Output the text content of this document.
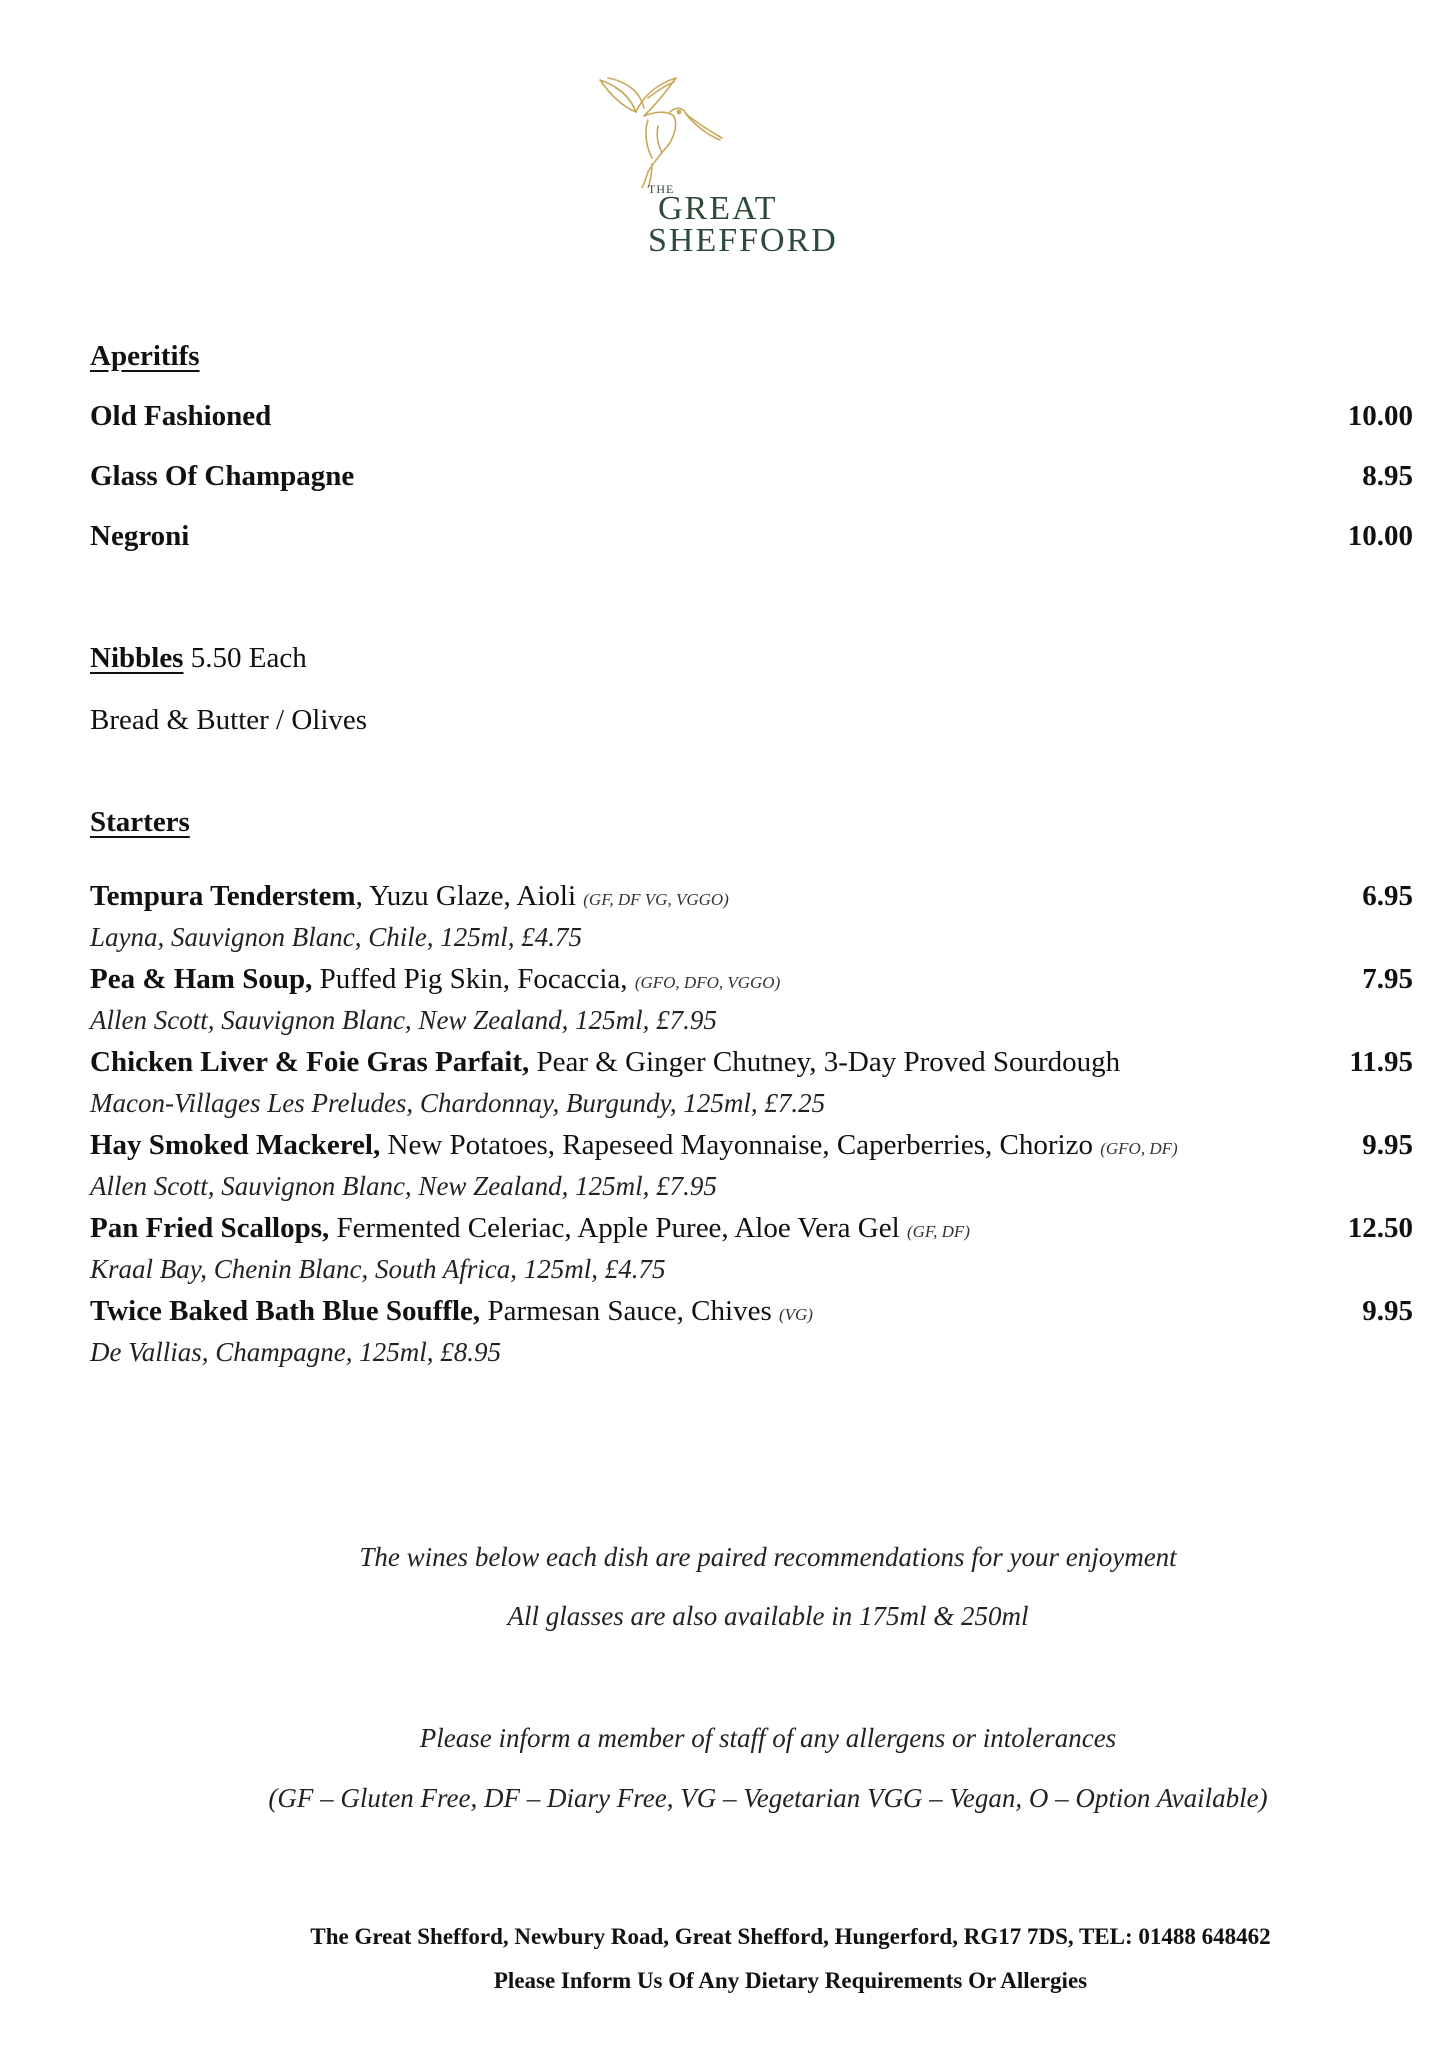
THE
GREAT
SHEFFORD
Aperitifs
Old Fashioned	10.00
Glass Of Champagne	8.95
Negroni	10.00
Nibbles 5.50 Each
Bread & Butter / Olives
Starters
Tempura Tenderstem, Yuzu Glaze, Aioli (GF, DF VG, VGGO)	6.95
Layna, Sauvignon Blanc, Chile, 125ml, £4.75
Pea & Ham Soup, Puffed Pig Skin, Focaccia, (GFO, DFO, VGGO)	7.95
Allen Scott, Sauvignon Blanc, New Zealand, 125ml, £7.95
Chicken Liver & Foie Gras Parfait, Pear & Ginger Chutney, 3-Day Proved Sourdough	11.95
Macon-Villages Les Preludes, Chardonnay, Burgundy, 125ml, £7.25
Hay Smoked Mackerel, New Potatoes, Rapeseed Mayonnaise, Caperberries, Chorizo (GFO, DF)	9.95
Allen Scott, Sauvignon Blanc, New Zealand, 125ml, £7.95
Pan Fried Scallops, Fermented Celeriac, Apple Puree, Aloe Vera Gel (GF, DF)	12.50
Kraal Bay, Chenin Blanc, South Africa, 125ml, £4.75
Twice Baked Bath Blue Souffle, Parmesan Sauce, Chives (VG)	9.95
De Vallias, Champagne, 125ml, £8.95
The wines below each dish are paired recommendations for your enjoyment
All glasses are also available in 175ml & 250ml
Please inform a member of staff of any allergens or intolerances
(GF – Gluten Free, DF – Diary Free, VG – Vegetarian VGG – Vegan, O – Option Available)
The Great Shefford, Newbury Road, Great Shefford, Hungerford, RG17 7DS, TEL: 01488 648462
Please Inform Us Of Any Dietary Requirements Or Allergies
